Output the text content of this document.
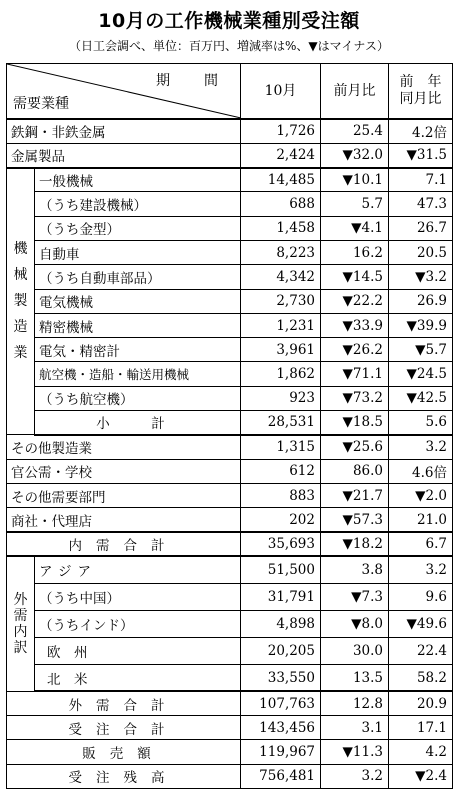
10月の工作機械業種別受注額
（日工会調べ、単位：百万円、増減率は%、▼はマイナス）
期　間
需要業種		10月	前月比	前　年
同月比
鉄鋼・非鉄金属		1,726	25.4	4.2倍
金属製品		2,424	▼32.0	▼31.5

機
械
製
造
業	一般機械	14,485	▼10.1	7.1
	（うち建設機械）	688	5.7	47.3
	（うち金型）	1,458	▼4.1	26.7
	自動車	8,223	16.2	20.5
	（うち自動車部品）	4,342	▼14.5	▼3.2
	電気機械	2,730	▼22.2	26.9
	精密機械	1,231	▼33.9	▼39.9
	電気・精密計	3,961	▼26.2	▼5.7
	航空機・造船・輸送用機械	1,862	▼71.1	▼24.5
	（うち航空機）	923	▼73.2	▼42.5
	小　計	28,531	▼18.5	5.6
その他製造業		1,315	▼25.6	3.2
官公需・学校		612	86.0	4.6倍
その他需要部門		883	▼21.7	▼2.0
商社・代理店		202	▼57.3	21.0
内需合計		35,693	▼18.2	6.7

外
需
内
訳	アジア	51,500	3.8	3.2
	（うち中国）	31,791	▼7.3	9.6
	（うちインド）	4,898	▼8.0	▼49.6
	欧　州	20,205	30.0	22.4
	北　米	33,550	13.5	58.2
外需合計		107,763	12.8	20.9
受注合計		143,456	3.1	17.1
販売額		119,967	▼11.3	4.2
受注残高		756,481	3.2	▼2.4
